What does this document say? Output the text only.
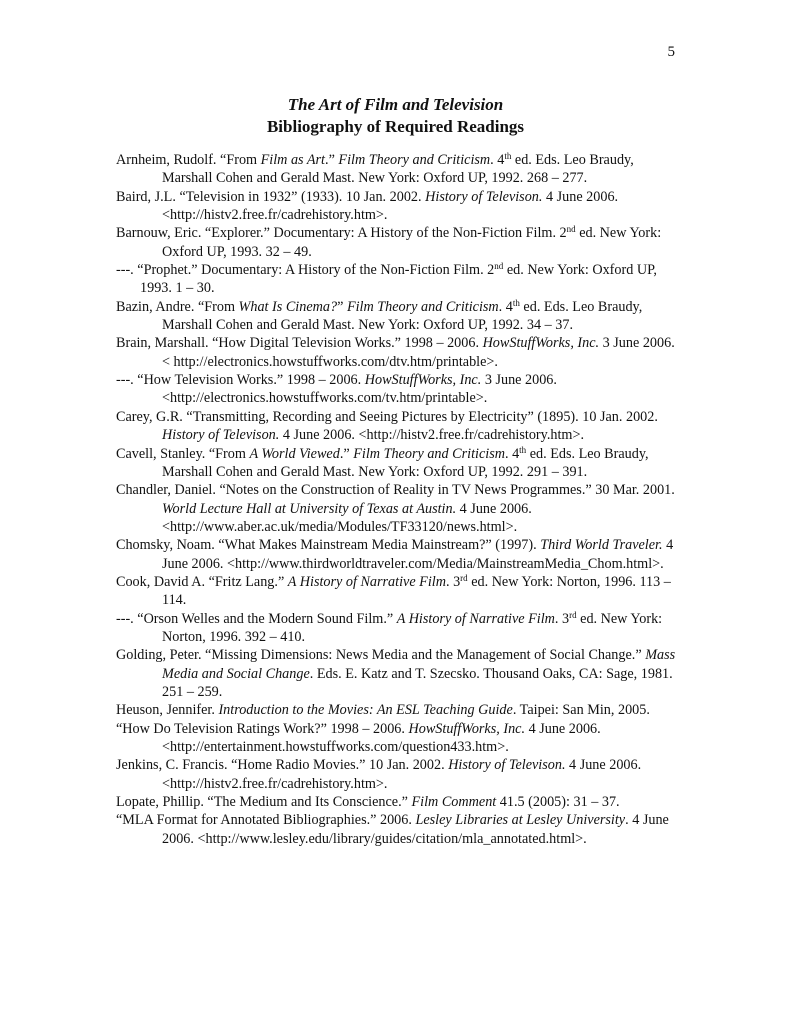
5
The Art of Film and Television
Bibliography of Required Readings

Arnheim, Rudolf. “From Film as Art.” Film Theory and Criticism. 4th ed. Eds. Leo Braudy, Marshall Cohen and Gerald Mast. New York: Oxford UP, 1992. 268 – 277.

Baird, J.L. “Television in 1932” (1933). 10 Jan. 2002. History of Televison. 4 June 2006. <http://histv2.free.fr/cadrehistory.htm>.

Barnouw, Eric. “Explorer.” Documentary: A History of the Non-Fiction Film. 2nd ed. New York: Oxford UP, 1993. 32 – 49.

---. “Prophet.” Documentary: A History of the Non-Fiction Film. 2nd ed. New York: Oxford UP, 1993. 1 – 30.

Bazin, Andre. “From What Is Cinema?” Film Theory and Criticism. 4th ed. Eds. Leo Braudy, Marshall Cohen and Gerald Mast. New York: Oxford UP, 1992. 34 – 37.

Brain, Marshall. “How Digital Television Works.” 1998 – 2006. HowStuffWorks, Inc. 3 June 2006. < http://electronics.howstuffworks.com/dtv.htm/printable>.

---. “How Television Works.” 1998 – 2006. HowStuffWorks, Inc. 3 June 2006. <http://electronics.howstuffworks.com/tv.htm/printable>.

Carey, G.R. “Transmitting, Recording and Seeing Pictures by Electricity” (1895). 10 Jan. 2002. History of Televison. 4 June 2006. <http://histv2.free.fr/cadrehistory.htm>.

Cavell, Stanley. “From A World Viewed.” Film Theory and Criticism. 4th ed. Eds. Leo Braudy, Marshall Cohen and Gerald Mast. New York: Oxford UP, 1992. 291 – 391.

Chandler, Daniel. “Notes on the Construction of Reality in TV News Programmes.” 30 Mar. 2001. World Lecture Hall at University of Texas at Austin. 4 June 2006.
<http://www.aber.ac.uk/media/Modules/TF33120/news.html>.

Chomsky, Noam. “What Makes Mainstream Media Mainstream?” (1997). Third World Traveler. 4 June 2006. <http://www.thirdworldtraveler.com/Media/MainstreamMedia_Chom.html>.

Cook, David A. “Fritz Lang.” A History of Narrative Film. 3rd ed. New York: Norton, 1996. 113 – 114.

---. “Orson Welles and the Modern Sound Film.” A History of Narrative Film. 3rd ed. New York: Norton, 1996. 392 – 410.

Golding, Peter. “Missing Dimensions: News Media and the Management of Social Change.” Mass Media and Social Change. Eds. E. Katz and T. Szecsko. Thousand Oaks, CA: Sage, 1981. 251 – 259.

Heuson, Jennifer. Introduction to the Movies: An ESL Teaching Guide. Taipei: San Min, 2005.

“How Do Television Ratings Work?” 1998 – 2006. HowStuffWorks, Inc. 4 June 2006. <http://entertainment.howstuffworks.com/question433.htm>.

Jenkins, C. Francis. “Home Radio Movies.” 10 Jan. 2002. History of Televison. 4 June 2006. <http://histv2.free.fr/cadrehistory.htm>.

Lopate, Phillip. “The Medium and Its Conscience.” Film Comment 41.5 (2005): 31 – 37.

“MLA Format for Annotated Bibliographies.” 2006. Lesley Libraries at Lesley University. 4 June 2006. <http://www.lesley.edu/library/guides/citation/mla_annotated.html>.
